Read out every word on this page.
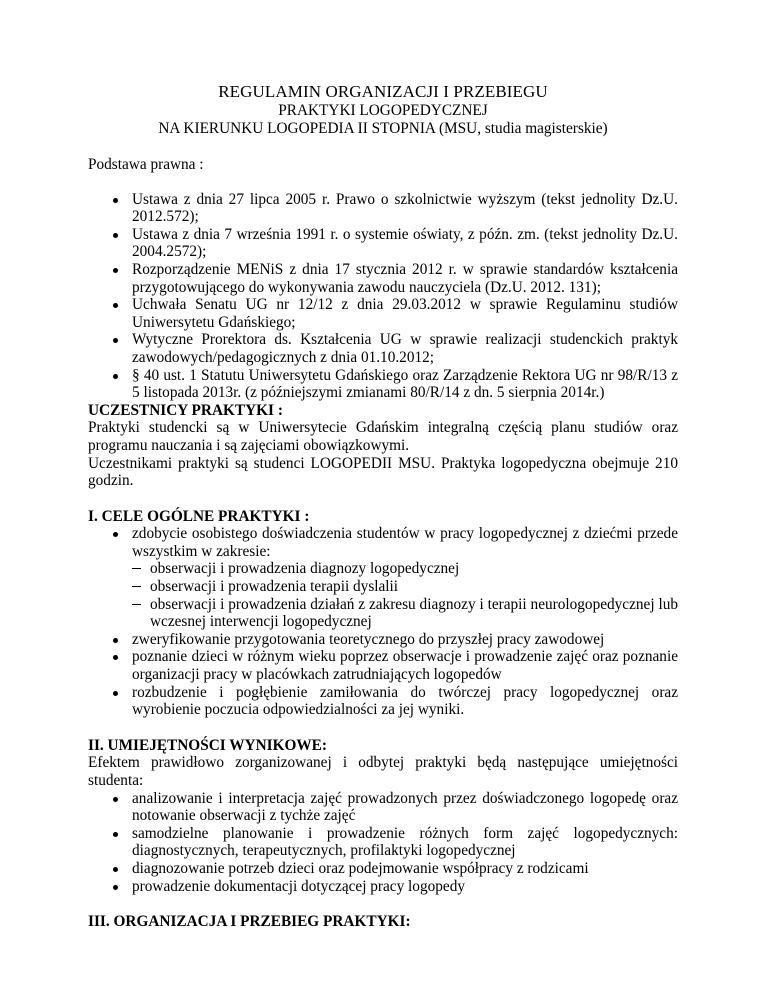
REGULAMIN ORGANIZACJI I PRZEBIEGU
PRAKTYKI LOGOPEDYCZNEJ
NA KIERUNKU LOGOPEDIA II STOPNIA (MSU, studia magisterskie)

Podstawa prawna :

Ustawa z dnia 27 lipca 2005 r. Prawo o szkolnictwie wyższym (tekst jednolity Dz.U. 2012.572);
Ustawa z dnia 7 września 1991 r. o systemie oświaty, z późn. zm. (tekst jednolity Dz.U. 2004.2572);
Rozporządzenie MENiS z dnia 17 stycznia 2012 r. w sprawie standardów kształcenia przygotowującego do wykonywania zawodu nauczyciela (Dz.U. 2012. 131);
Uchwała Senatu UG nr 12/12 z dnia 29.03.2012 w sprawie Regulaminu studiów Uniwersytetu Gdańskiego;
Wytyczne Prorektora ds. Kształcenia UG w sprawie realizacji studenckich praktyk zawodowych/pedagogicznych z dnia 01.10.2012;
§ 40 ust. 1 Statutu Uniwersytetu Gdańskiego oraz Zarządzenie Rektora UG nr 98/R/13 z 5 listopada 2013r. (z późniejszymi zmianami 80/R/14 z dn. 5 sierpnia 2014r.)
UCZESTNICY PRAKTYKI :

Praktyki studencki są w Uniwersytecie Gdańskim integralną częścią planu studiów oraz programu nauczania i są zajęciami obowiązkowymi.

Uczestnikami praktyki są studenci LOGOPEDII MSU. Praktyka logopedyczna obejmuje 210 godzin.

I. CELE OGÓLNE PRAKTYKI :
zdobycie osobistego doświadczenia studentów w pracy logopedycznej z dziećmi przede wszystkim w zakresie:
obserwacji i prowadzenia diagnozy logopedycznej
obserwacji i prowadzenia terapii dyslalii
obserwacji i prowadzenia działań z zakresu diagnozy i terapii neurologopedycznej lub wczesnej interwencji logopedycznej
zweryfikowanie przygotowania teoretycznego do przyszłej pracy zawodowej
poznanie dzieci w różnym wieku poprzez obserwacje i prowadzenie zajęć oraz poznanie organizacji pracy w placówkach zatrudniających logopedów
rozbudzenie i pogłębienie zamiłowania do twórczej pracy logopedycznej oraz wyrobienie poczucia odpowiedzialności za jej wyniki.
II. UMIEJĘTNOŚCI WYNIKOWE:

Efektem prawidłowo zorganizowanej i odbytej praktyki będą następujące umiejętności studenta:

analizowanie i interpretacja zajęć prowadzonych przez doświadczonego logopedę oraz notowanie obserwacji z tychże zajęć
samodzielne planowanie i prowadzenie różnych form zajęć logopedycznych: diagnostycznych, terapeutycznych, profilaktyki logopedycznej
diagnozowanie potrzeb dzieci oraz podejmowanie współpracy z rodzicami
prowadzenie dokumentacji dotyczącej pracy logopedy
III. ORGANIZACJA I PRZEBIEG PRAKTYKI:
